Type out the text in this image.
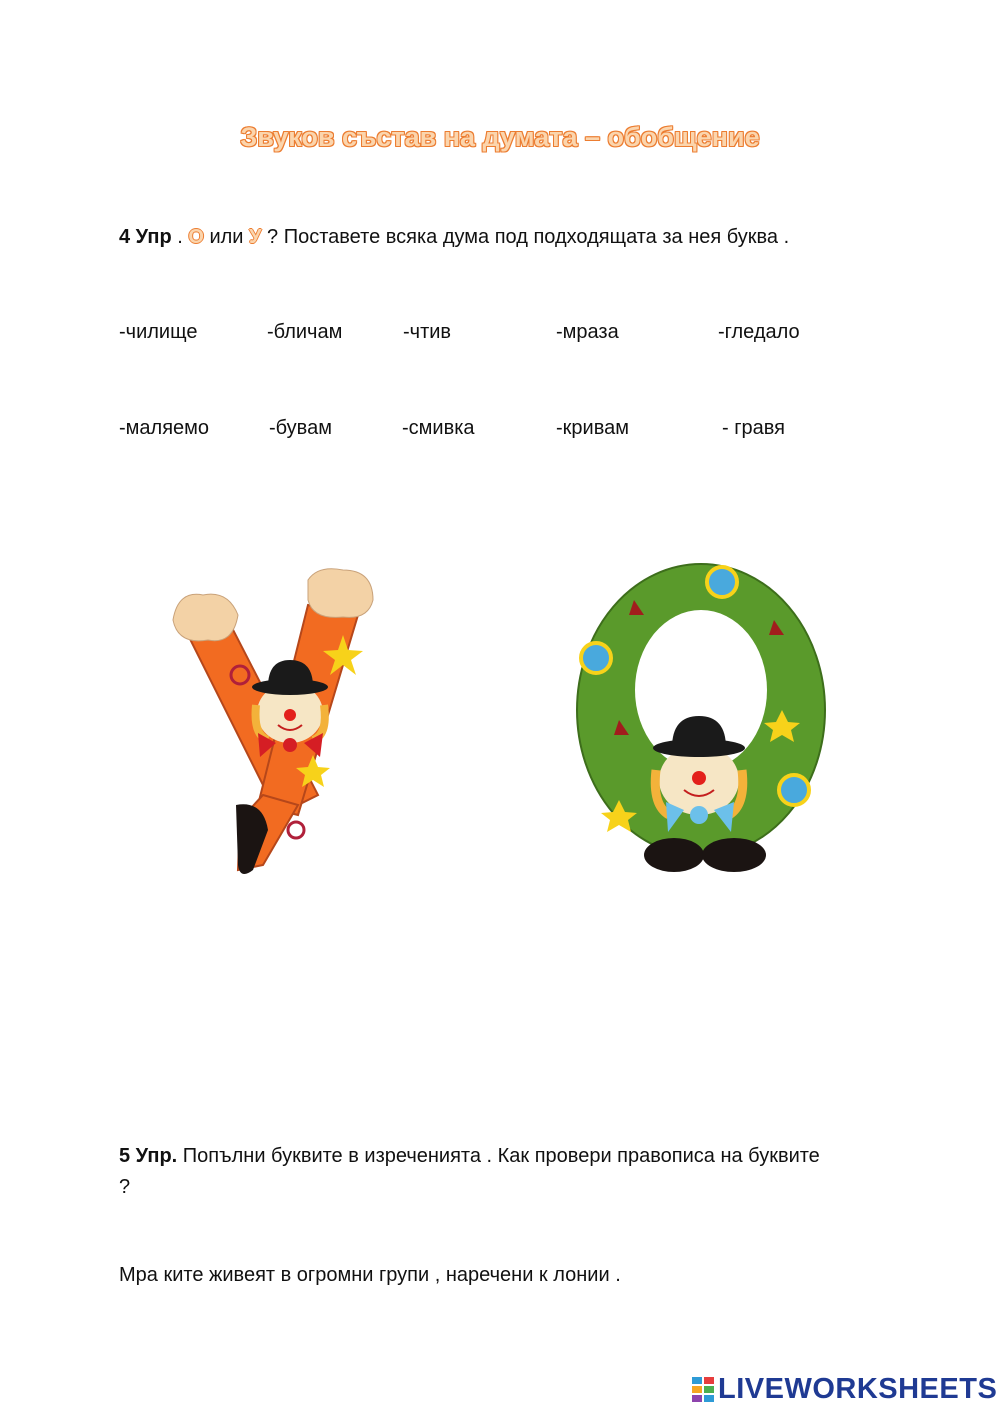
Звуков състав на думата – обобщение
4 Упр . О или У ? Поставете всяка дума под подходящата за нея буква .
-чилище	-бличам	-чтив	-мраза	-гледало
-маляемо	-бувам	-смивка	-кривам	- гравя
5 Упр. Попълни буквите в изреченията . Как провери правописа на буквите
?
Мра ките живеят в огромни групи , наречени к лонии .
LIVEWORKSHEETS
